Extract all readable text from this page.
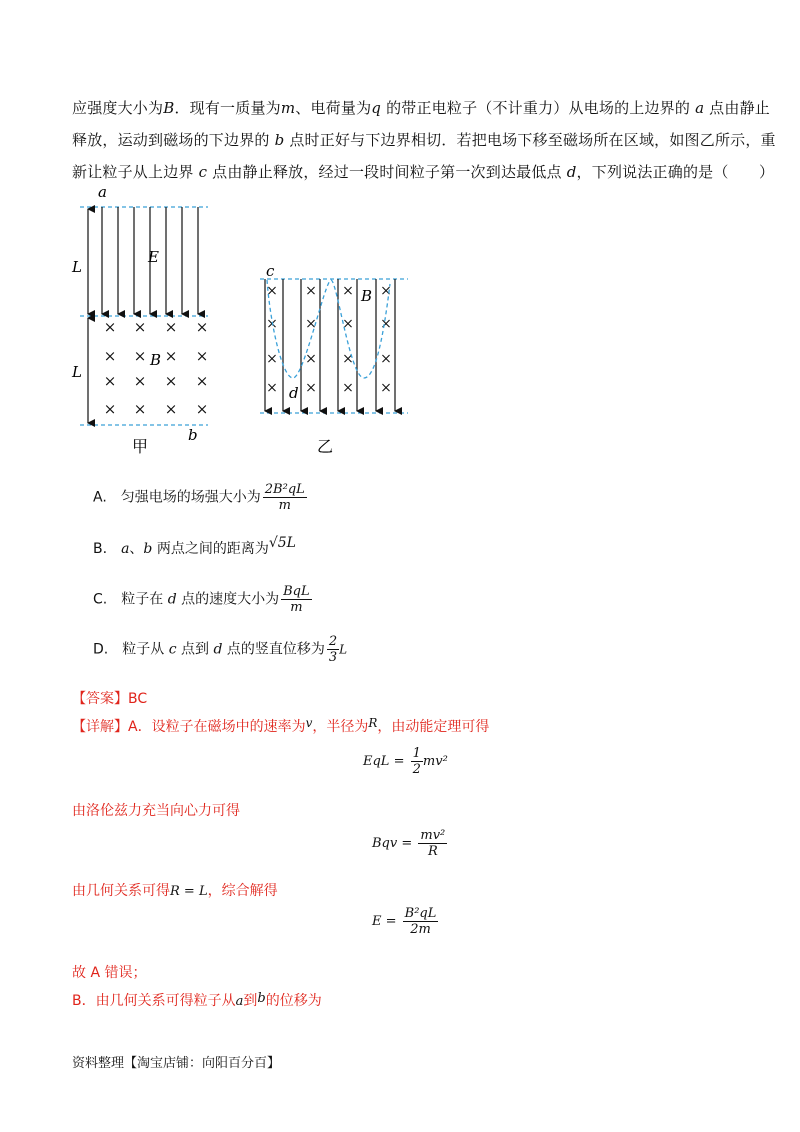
应强度大小为B．现有一质量为m、电荷量为q 的带正电粒子（不计重力）从电场的上边界的 a 点由静止
释放，运动到磁场的下边界的 b 点时正好与下边界相切．若把电场下移至磁场所在区域，如图乙所示，重
新让粒子从上边界 c 点由静止释放，经过一段时间粒子第一次到达最低点 d，下列说法正确的是（　　）
a
L
L
E
× × × ×
× × × ×
× × × ×
× × × ×
B
b
甲
c
× × × ×
× × × ×
× × × ×
× × × ×
B
d
乙
A.　匀强电场的场强大小为 $\frac{\text{2B²qL}}{m}$
B.　a、b 两点之间的距离为√5L
C.　粒子在 d 点的速度大小为 $\frac{\text{BqL}}{m}$
D.　粒子从 c 点到 d 点的竖直位移为 $\frac{2}{3}$ L
【答案】BC
【详解】A．设粒子在磁场中的速率为v，半径为R，由动能定理可得
EqL = $\frac{1}{2} mv^2$
由洛伦兹力充当向心力可得
Bqv = $\frac{\text{mv²}}{R}$
由几何关系可得R = L，综合解得
$E = \frac{\text{B²qL}}{2m}$
故 A 错误；
B．由几何关系可得粒子从a到b的位移为
资料整理【淘宝店铺：向阳百分百】
